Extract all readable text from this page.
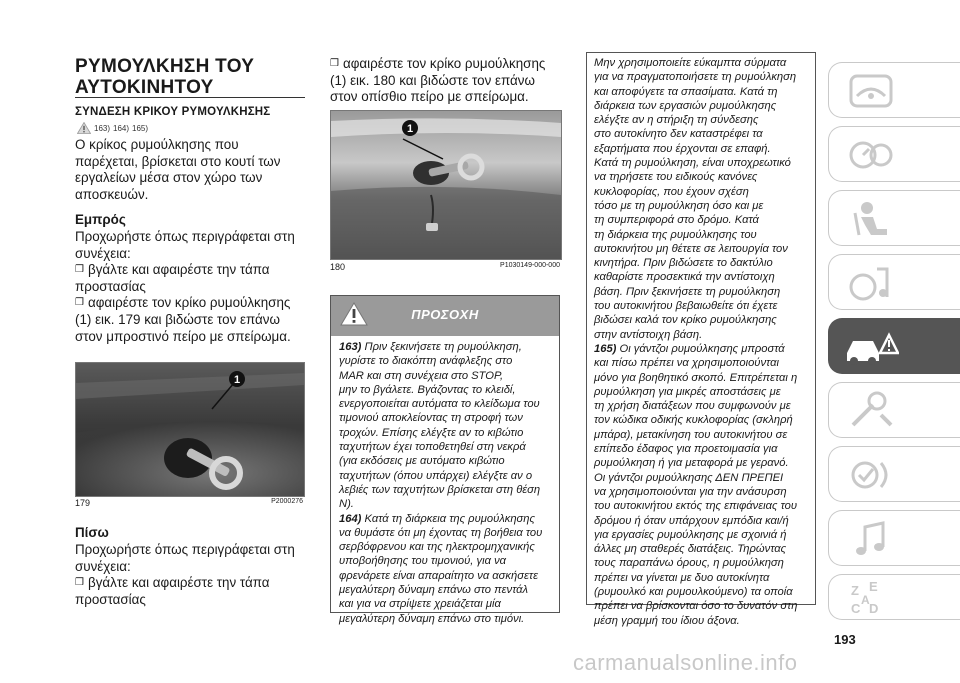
ΡΥΜΟΥΛΚΗΣΗ ΤΟΥ
ΑΥΤΟΚΙΝΗΤΟΥ
ΣΥΝΔΕΣΗ ΚΡΙΚΟΥ ΡΥΜΟΥΛΚΗΣΗΣ
163) 164) 165)
Ο κρίκος ρυμούλκησης που
παρέχεται, βρίσκεται στο κουτί των
εργαλείων μέσα στον χώρο των
αποσκευών.
Εμπρός
Προχωρήστε όπως περιγράφεται στη
συνέχεια:
❒ βγάλτε και αφαιρέστε την τάπα
προστασίας
❒ αφαιρέστε τον κρίκο ρυμούλκησης
(1) εικ. 179 και βιδώστε τον επάνω
στον μπροστινό πείρο με σπείρωμα.
1
179	P2000276
Πίσω
Προχωρήστε όπως περιγράφεται στη
συνέχεια:
❒ βγάλτε και αφαιρέστε την τάπα
προστασίας
❒ αφαιρέστε τον κρίκο ρυμούλκησης
(1) εικ. 180 και βιδώστε τον επάνω
στον οπίσθιο πείρο με σπείρωμα.
1
180	P1030149-000-000
ΠΡΟΣΟΧΗ
163) Πριν ξεκινήσετε τη ρυμούλκηση,
γυρίστε το διακόπτη ανάφλεξης στο
MAR και στη συνέχεια στο STOP,
μην το βγάλετε. Βγάζοντας το κλειδί,
ενεργοποιείται αυτόματα το κλείδωμα του
τιμονιού αποκλείοντας τη στροφή των
τροχών. Επίσης ελέγξτε αν το κιβώτιο
ταχυτήτων έχει τοποθετηθεί στη νεκρά
(για εκδόσεις με αυτόματο κιβώτιο
ταχυτήτων (όπου υπάρχει) ελέγξτε αν ο
λεβιές των ταχυτήτων βρίσκεται στη θέση
N).
164) Κατά τη διάρκεια της ρυμούλκησης
να θυμάστε ότι μη έχοντας τη βοήθεια του
σερβόφρενου και της ηλεκτρομηχανικής
υποβοήθησης του τιμονιού, για να
φρενάρετε είναι απαραίτητο να ασκήσετε
μεγαλύτερη δύναμη επάνω στο πεντάλ
και για να στρίψετε χρειάζεται μία
μεγαλύτερη δύναμη επάνω στο τιμόνι.
Μην χρησιμοποιείτε εύκαμπτα σύρματα
για να πραγματοποιήσετε τη ρυμούλκηση
και αποφύγετε τα σπασίματα. Κατά τη
διάρκεια των εργασιών ρυμούλκησης
ελέγξτε αν η στήριξη τη σύνδεσης
στο αυτοκίνητο δεν καταστρέφει τα
εξαρτήματα που έρχονται σε επαφή.
Κατά τη ρυμούλκηση, είναι υποχρεωτικό
να τηρήσετε του ειδικούς κανόνες
κυκλοφορίας, που έχουν σχέση
τόσο με τη ρυμούλκηση όσο και με
τη συμπεριφορά στο δρόμο. Κατά
τη διάρκεια της ρυμούλκησης του
αυτοκινήτου μη θέτετε σε λειτουργία τον
κινητήρα. Πριν βιδώσετε το δακτύλιο
καθαρίστε προσεκτικά την αντίστοιχη
βάση. Πριν ξεκινήσετε τη ρυμούλκηση
του αυτοκινήτου βεβαιωθείτε ότι έχετε
βιδώσει καλά τον κρίκο ρυμούλκησης
στην αντίστοιχη βάση.
165) Οι γάντζοι ρυμούλκησης μπροστά
και πίσω πρέπει να χρησιμοποιούνται
μόνο για βοηθητικό σκοπό. Επιτρέπεται η
ρυμούλκηση για μικρές αποστάσεις με
τη χρήση διατάξεων που συμφωνούν με
τον κώδικα οδικής κυκλοφορίας (σκληρή
μπάρα), μετακίνηση του αυτοκινήτου σε
επίπεδο έδαφος για προετοιμασία για
ρυμούλκηση ή για μεταφορά με γερανό.
Οι γάντζοι ρυμούλκησης ΔΕΝ ΠΡΕΠΕΙ
να χρησιμοποιούνται για την ανάσυρση
του αυτοκινήτου εκτός της επιφάνειας του
δρόμου ή όταν υπάρχουν εμπόδια και/ή
για εργασίες ρυμούλκησης με σχοινιά ή
άλλες μη σταθερές διατάξεις. Τηρώντας
τους παραπάνω όρους, η ρυμούλκηση
πρέπει να γίνεται με δυο αυτοκίνητα
(ρυμουλκό και ρυμουλκούμενο) τα οποία
πρέπει να βρίσκονται όσο το δυνατόν στη
μέση γραμμή του ίδιου άξονα.
Z E
C D
A
193
carmanualsonline.info
